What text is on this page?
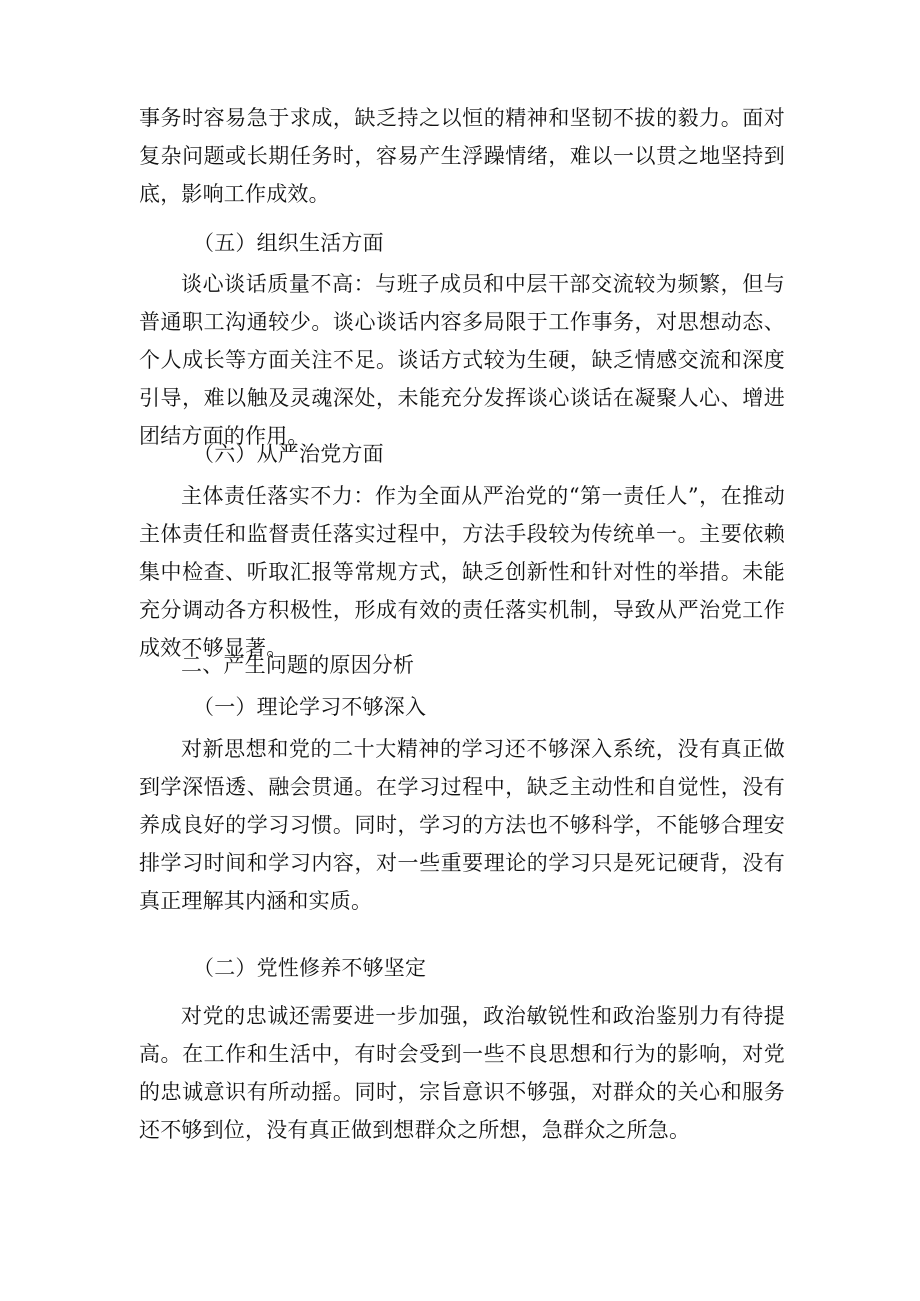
事务时容易急于求成，缺乏持之以恒的精神和坚韧不拔的毅力。面对复杂问题或长期任务时，容易产生浮躁情绪，难以一以贯之地坚持到底，影响工作成效。
（五）组织生活方面
谈心谈话质量不高：与班子成员和中层干部交流较为频繁，但与普通职工沟通较少。谈心谈话内容多局限于工作事务，对思想动态、个人成长等方面关注不足。谈话方式较为生硬，缺乏情感交流和深度引导，难以触及灵魂深处，未能充分发挥谈心谈话在凝聚人心、增进团结方面的作用。
（六）从严治党方面
主体责任落实不力：作为全面从严治党的“第一责任人”，在推动主体责任和监督责任落实过程中，方法手段较为传统单一。主要依赖集中检查、听取汇报等常规方式，缺乏创新性和针对性的举措。未能充分调动各方积极性，形成有效的责任落实机制，导致从严治党工作成效不够显著。
二、产生问题的原因分析
（一）理论学习不够深入
对新思想和党的二十大精神的学习还不够深入系统，没有真正做到学深悟透、融会贯通。在学习过程中，缺乏主动性和自觉性，没有养成良好的学习习惯。同时，学习的方法也不够科学，不能够合理安排学习时间和学习内容，对一些重要理论的学习只是死记硬背，没有真正理解其内涵和实质。
（二）党性修养不够坚定
对党的忠诚还需要进一步加强，政治敏锐性和政治鉴别力有待提高。在工作和生活中，有时会受到一些不良思想和行为的影响，对党的忠诚意识有所动摇。同时，宗旨意识不够强，对群众的关心和服务还不够到位，没有真正做到想群众之所想，急群众之所急。
